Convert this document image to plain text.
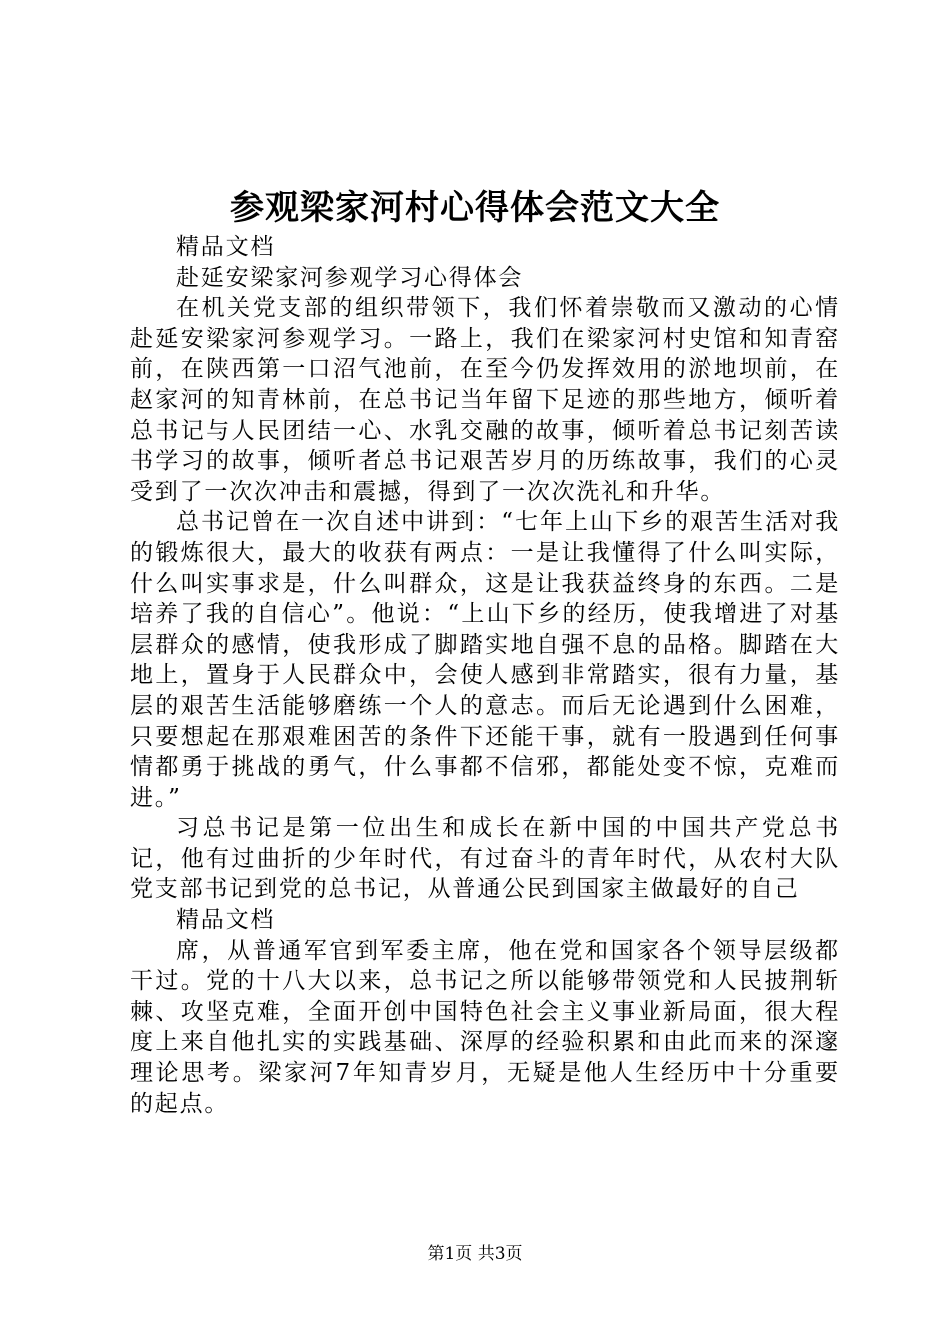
参观梁家河村心得体会范文大全

精品文档

赴延安梁家河参观学习心得体会

在机关党支部的组织带领下，我们怀着崇敬而又激动的心情赴延安梁家河参观学习。一路上，我们在梁家河村史馆和知青窑前，在陕西第一口沼气池前，在至今仍发挥效用的淤地坝前，在赵家河的知青林前，在总书记当年留下足迹的那些地方，倾听着总书记与人民团结一心、水乳交融的故事，倾听着总书记刻苦读书学习的故事，倾听者总书记艰苦岁月的历练故事，我们的心灵受到了一次次冲击和震撼，得到了一次次洗礼和升华。

总书记曾在一次自述中讲到：“七年上山下乡的艰苦生活对我的锻炼很大，最大的收获有两点：一是让我懂得了什么叫实际，什么叫实事求是，什么叫群众，这是让我获益终身的东西。二是培养了我的自信心”。他说：“上山下乡的经历，使我增进了对基层群众的感情，使我形成了脚踏实地自强不息的品格。脚踏在大地上，置身于人民群众中，会使人感到非常踏实，很有力量，基层的艰苦生活能够磨练一个人的意志。而后无论遇到什么困难，只要想起在那艰难困苦的条件下还能干事，就有一股遇到任何事情都勇于挑战的勇气，什么事都不信邪，都能处变不惊，克难而进。”

习总书记是第一位出生和成长在新中国的中国共产党总书记，他有过曲折的少年时代，有过奋斗的青年时代，从农村大队党支部书记到党的总书记，从普通公民到国家主做最好的自己

精品文档

席，从普通军官到军委主席，他在党和国家各个领导层级都干过。党的十八大以来，总书记之所以能够带领党和人民披荆斩棘、攻坚克难，全面开创中国特色社会主义事业新局面，很大程度上来自他扎实的实践基础、深厚的经验积累和由此而来的深邃理论思考。梁家河7年知青岁月，无疑是他人生经历中十分重要的起点。

第1页 共3页
